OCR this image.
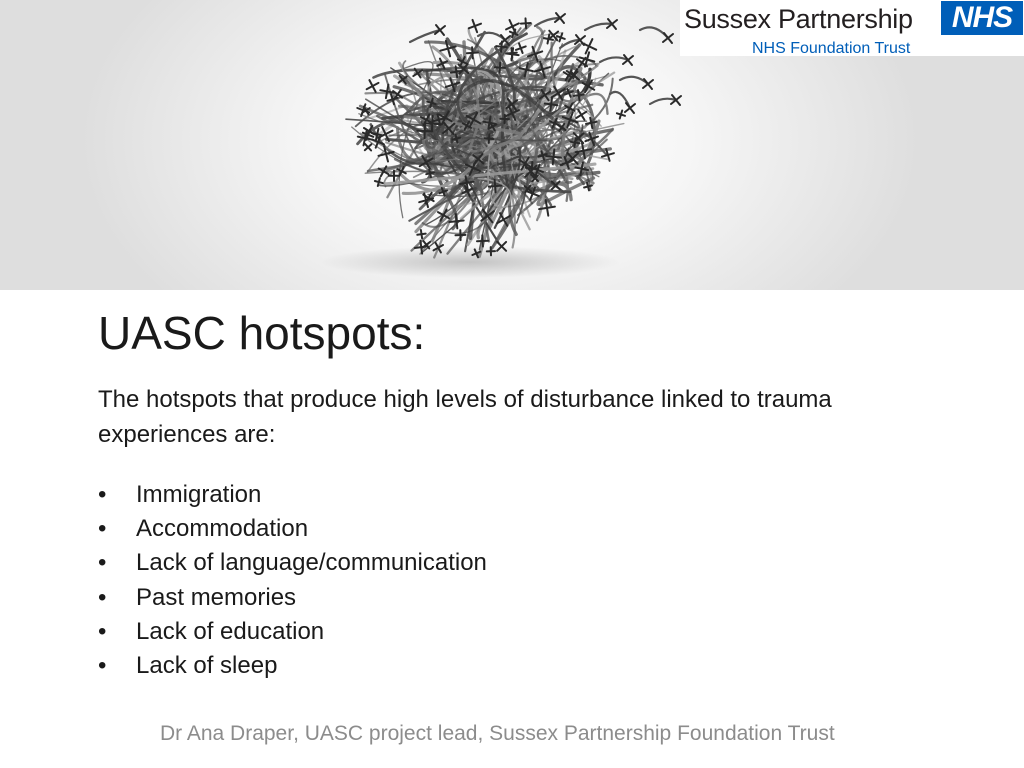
Sussex Partnership
NHS Foundation Trust
NHS
UASC hotspots:
The hotspots that produce high levels of disturbance linked to trauma experiences are:
• Immigration
• Accommodation
• Lack of language/communication
• Past memories
• Lack of education
• Lack of sleep
Dr Ana Draper, UASC project lead, Sussex Partnership Foundation Trust
